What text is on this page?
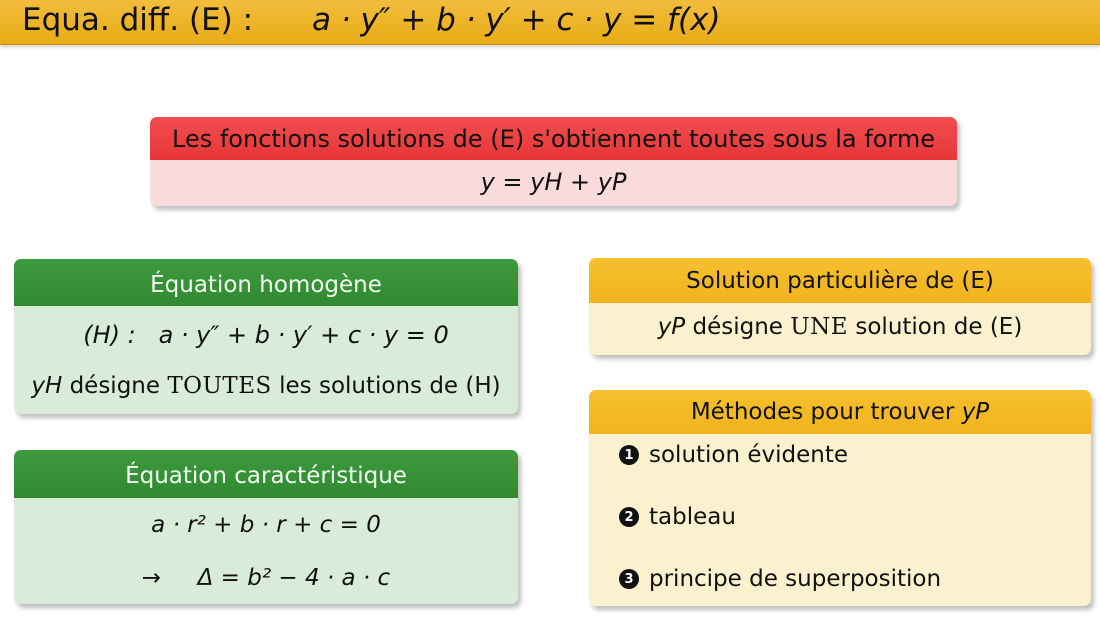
Equa. diff. (E) : a · y″ + b · y′ + c · y = f(x)
Les fonctions solutions de (E) s'obtiennent toutes sous la forme
y = yH + yP
Équation homogène
(H) :   a · y″ + b · y′ + c · y = 0
yH désigne TOUTES les solutions de (H)
Équation caractéristique
a · r² + b · r + c = 0
→     Δ = b² − 4 · a · c
Solution particulière de (E)
yP désigne UNE solution de (E)
Méthodes pour trouver yP
1 solution évidente
2 tableau
3 principe de superposition
